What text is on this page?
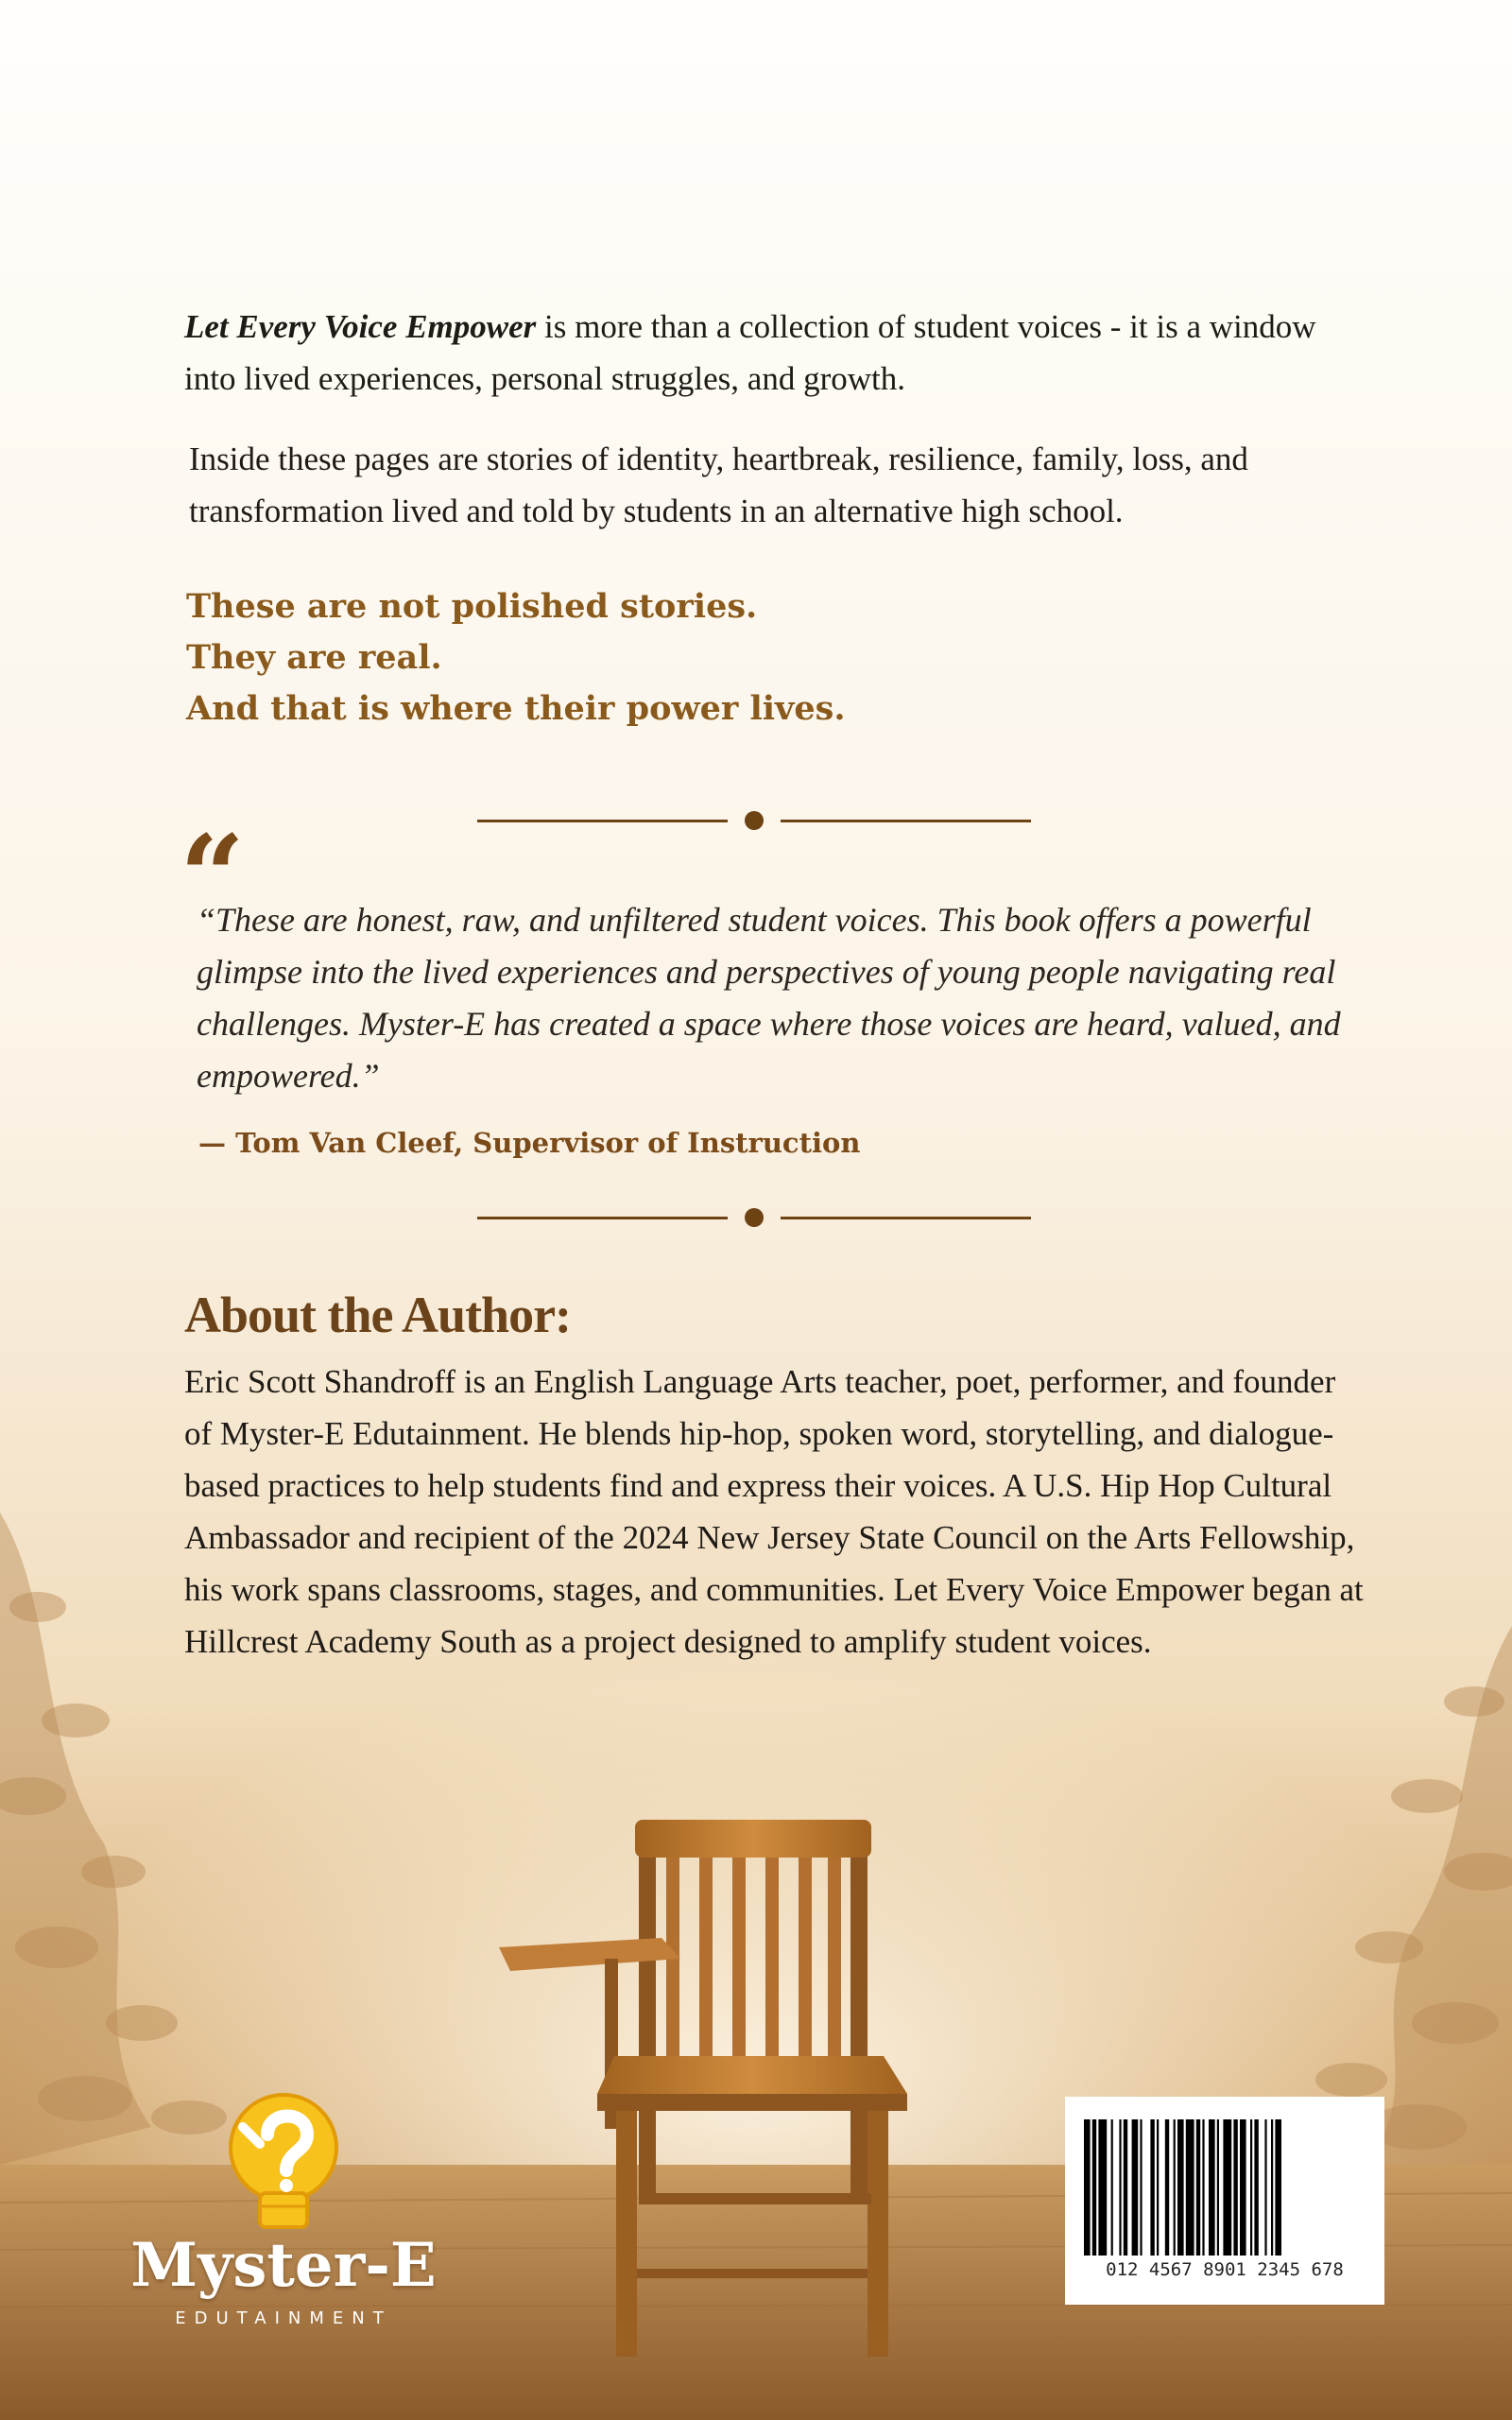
Let Every Voice Empower is more than a collection of student voices - it is a window into lived experiences, personal struggles, and growth.

Inside these pages are stories of identity, heartbreak, resilience, family, loss, and transformation lived and told by students in an alternative high school.

These are not polished stories.

They are real.

And that is where their power lives.

“

“These are honest, raw, and unfiltered student voices. This book offers a powerful glimpse into the lived experiences and perspectives of young people navigating real challenges. Myster-E has created a space where those voices are heard, valued, and empowered.”

— Tom Van Cleef, Supervisor of Instruction

About the Author:

Eric Scott Shandroff is an English Language Arts teacher, poet, performer, and founder of Myster-E Edutainment. He blends hip-hop, spoken word, storytelling, and dialogue-based practices to help students find and express their voices. A U.S. Hip Hop Cultural Ambassador and recipient of the 2024 New Jersey State Council on the Arts Fellowship, his work spans classrooms, stages, and communities. Let Every Voice Empower began at Hillcrest Academy South as a project designed to amplify student voices.

Myster-E

EDUTAINMENT

012 4567 8901 2345 678
